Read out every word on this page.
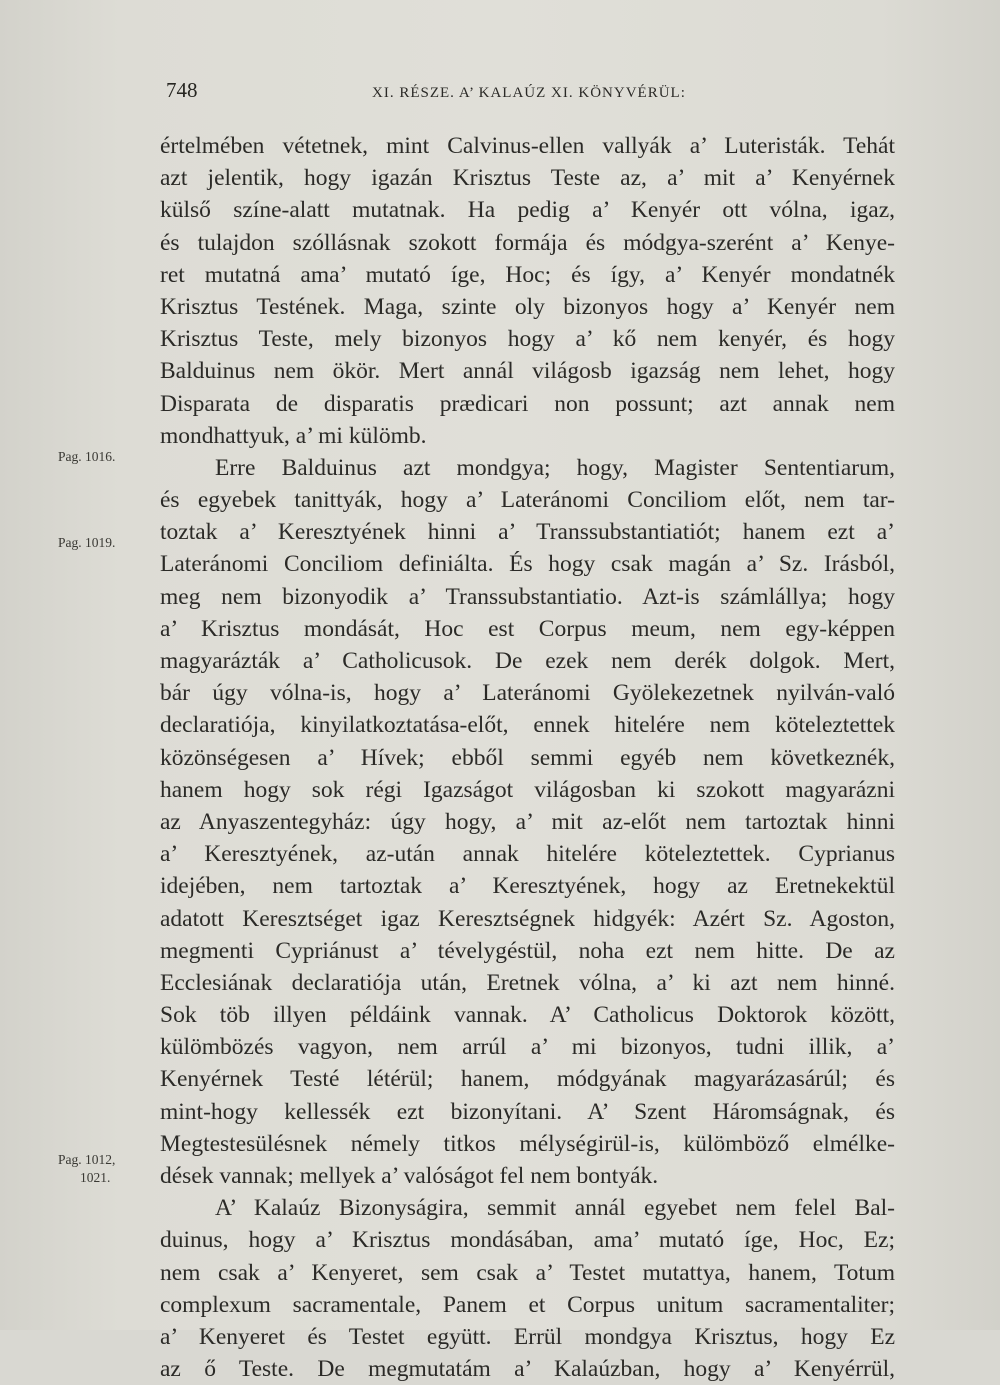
748	XI. RÉSZE. A’ KALAÚZ XI. KÖNYVÉRÜL:
Pag. 1016.
Pag. 1019.
Pag. 1012,
1021.
értelmében vétetnek, mint Calvinus-ellen vallyák a’ Luteristák. Tehát
azt jelentik, hogy igazán Krisztus Teste az, a’ mit a’ Kenyérnek
külső színe-alatt mutatnak. Ha pedig a’ Kenyér ott vólna, igaz,
és tulajdon szóllásnak szokott formája és módgya-szerént a’ Kenye-
ret mutatná ama’ mutató íge, Hoc; és így, a’ Kenyér mondatnék
Krisztus Testének. Maga, szinte oly bizonyos hogy a’ Kenyér nem
Krisztus Teste, mely bizonyos hogy a’ kő nem kenyér, és hogy
Balduinus nem ökör. Mert annál világosb igazság nem lehet, hogy
Disparata de disparatis prædicari non possunt; azt annak nem
mondhattyuk, a’ mi külömb.
Erre Balduinus azt mondgya; hogy, Magister Sententiarum,
és egyebek tanittyák, hogy a’ Lateránomi Conciliom előt, nem tar-
toztak a’ Keresztyének hinni a’ Transsubstantiatiót; hanem ezt a’
Lateránomi Conciliom definiálta. És hogy csak magán a’ Sz. Irásból,
meg nem bizonyodik a’ Transsubstantiatio. Azt-is számlállya; hogy
a’ Krisztus mondását, Hoc est Corpus meum, nem egy-képpen
magyarázták a’ Catholicusok. De ezek nem derék dolgok. Mert,
bár úgy vólna-is, hogy a’ Lateránomi Gyölekezetnek nyilván-való
declaratiója, kinyilatkoztatása-előt, ennek hitelére nem köteleztettek
közönségesen a’ Hívek; ebből semmi egyéb nem következnék,
hanem hogy sok régi Igazságot világosban ki szokott magyarázni
az Anyaszentegyház: úgy hogy, a’ mit az-előt nem tartoztak hinni
a’ Keresztyének, az-után annak hitelére köteleztettek. Cyprianus
idejében, nem tartoztak a’ Keresztyének, hogy az Eretnekektül
adatott Keresztséget igaz Keresztségnek hidgyék: Azért Sz. Agoston,
megmenti Cypriánust a’ tévelygéstül, noha ezt nem hitte. De az
Ecclesiának declaratiója után, Eretnek vólna, a’ ki azt nem hinné.
Sok töb illyen példáink vannak. A’ Catholicus Doktorok között,
külömbözés vagyon, nem arrúl a’ mi bizonyos, tudni illik, a’
Kenyérnek Testé létérül; hanem, módgyának magyarázasárúl; és
mint-hogy kellessék ezt bizonyítani. A’ Szent Háromságnak, és
Megtestesülésnek némely titkos mélységirül-is, külömböző elmélke-
dések vannak; mellyek a’ valóságot fel nem bontyák.
A’ Kalaúz Bizonyságira, semmit annál egyebet nem felel Bal-
duinus, hogy a’ Krisztus mondásában, ama’ mutató íge, Hoc, Ez;
nem csak a’ Kenyeret, sem csak a’ Testet mutattya, hanem, Totum
complexum sacramentale, Panem et Corpus unitum sacramentaliter;
a’ Kenyeret és Testet együtt. Errül mondgya Krisztus, hogy Ez
az ő Teste. De megmutatám a’ Kalaúzban, hogy a’ Kenyérrül,
